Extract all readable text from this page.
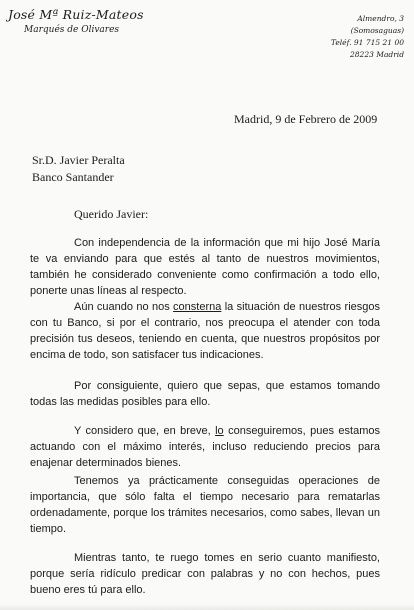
José Mª Ruiz-Mateos
Marqués de Olivares
Almendro, 3
(Somosaguas)
Teléf. 91 715 21 00
28223 Madrid
Madrid, 9 de Febrero de 2009
Sr.D. Javier Peralta
Banco Santander
Querido Javier:

Con independencia de la información que mi hijo José María te va enviando para que estés al tanto de nuestros movimientos, también he considerado conveniente como confirmación a todo ello, ponerte unas líneas al respecto.

Aún cuando no nos consterna la situación de nuestros riesgos con tu Banco, si por el contrario, nos preocupa el atender con toda precisión tus deseos, teniendo en cuenta, que nuestros propósitos por encima de todo, son satisfacer tus indicaciones.

Por consiguiente, quiero que sepas, que estamos tomando todas las medidas posibles para ello.

Y considero que, en breve, lo conseguiremos, pues estamos actuando con el máximo interés, incluso reduciendo precios para enajenar determinados bienes.

Tenemos ya prácticamente conseguidas operaciones de importancia, que sólo falta el tiempo necesario para rematarlas ordenadamente, porque los trámites necesarios, como sabes, llevan un tiempo.

Mientras tanto, te ruego tomes en serio cuanto manifiesto, porque sería ridículo predicar con palabras y no con hechos, pues bueno eres tú para ello.
